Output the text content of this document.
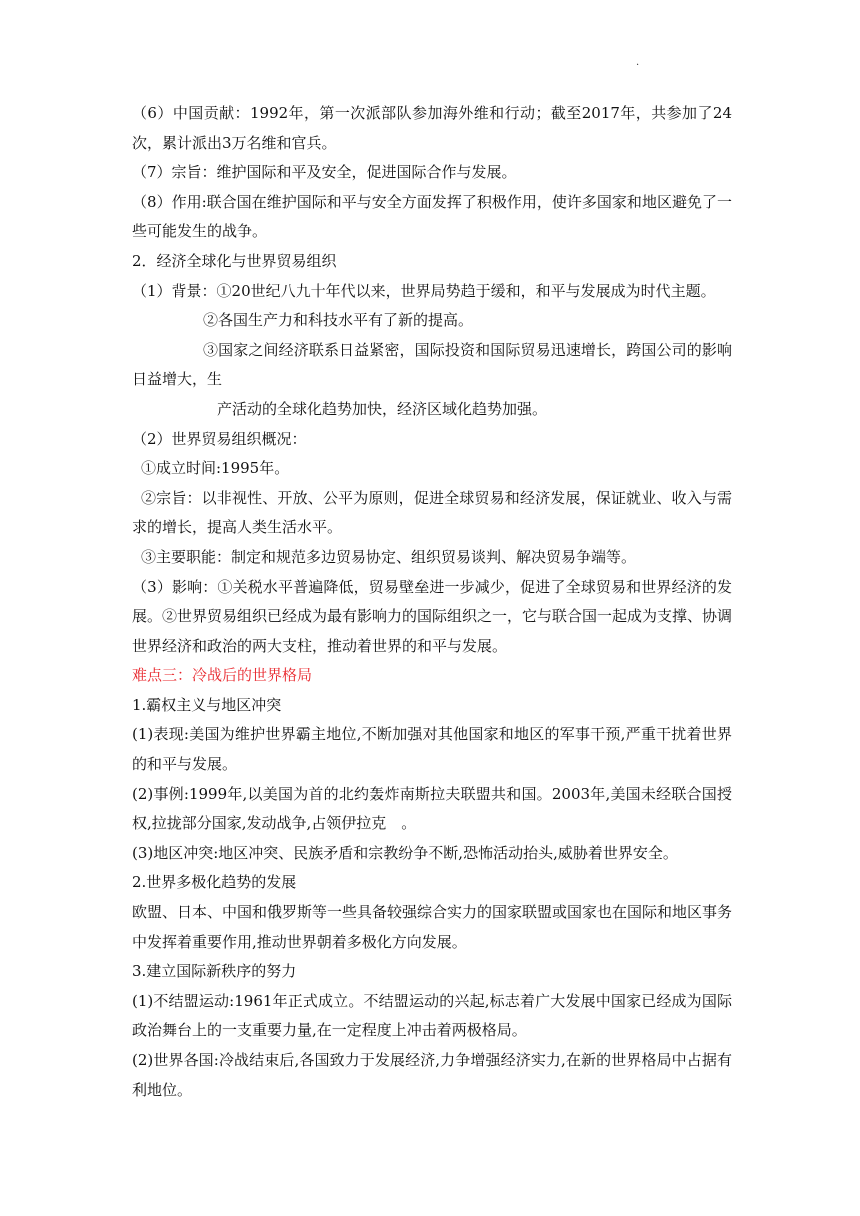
.

（6）中国贡献：1992年，第一次派部队参加海外维和行动；截至2017年，共参加了24次，累计派出3万名维和官兵。

（7）宗旨：维护国际和平及安全，促进国际合作与发展。

（8）作用:联合国在维护国际和平与安全方面发挥了积极作用，使许多国家和地区避免了一些可能发生的战争。

2．经济全球化与世界贸易组织

（1）背景：①20世纪八九十年代以来，世界局势趋于缓和，和平与发展成为时代主题。

②各国生产力和科技水平有了新的提高。

③国家之间经济联系日益紧密，国际投资和国际贸易迅速增长，跨国公司的影响日益增大，生

产活动的全球化趋势加快，经济区域化趋势加强。

（2）世界贸易组织概况：

①成立时间:1995年。

②宗旨：以非视性、开放、公平为原则，促进全球贸易和经济发展，保证就业、收入与需求的增长，提高人类生活水平。

③主要职能：制定和规范多边贸易协定、组织贸易谈判、解决贸易争端等。

（3）影响：①关税水平普遍降低，贸易壁垒进一步减少，促进了全球贸易和世界经济的发展。②世界贸易组织已经成为最有影响力的国际组织之一，它与联合国一起成为支撑、协调世界经济和政治的两大支柱，推动着世界的和平与发展。

难点三：冷战后的世界格局

1.霸权主义与地区冲突

(1)表现:美国为维护世界霸主地位,不断加强对其他国家和地区的军事干预,严重干扰着世界的和平与发展。

(2)事例:1999年,以美国为首的北约轰炸南斯拉夫联盟共和国。2003年,美国未经联合国授权,拉拢部分国家,发动战争,占领伊拉克　。

(3)地区冲突:地区冲突、民族矛盾和宗教纷争不断,恐怖活动抬头,威胁着世界安全。

2.世界多极化趋势的发展

欧盟、日本、中国和俄罗斯等一些具备较强综合实力的国家联盟或国家也在国际和地区事务中发挥着重要作用,推动世界朝着多极化方向发展。

3.建立国际新秩序的努力

(1)不结盟运动:1961年正式成立。不结盟运动的兴起,标志着广大发展中国家已经成为国际政治舞台上的一支重要力量,在一定程度上冲击着两极格局。

(2)世界各国:冷战结束后,各国致力于发展经济,力争增强经济实力,在新的世界格局中占据有利地位。
